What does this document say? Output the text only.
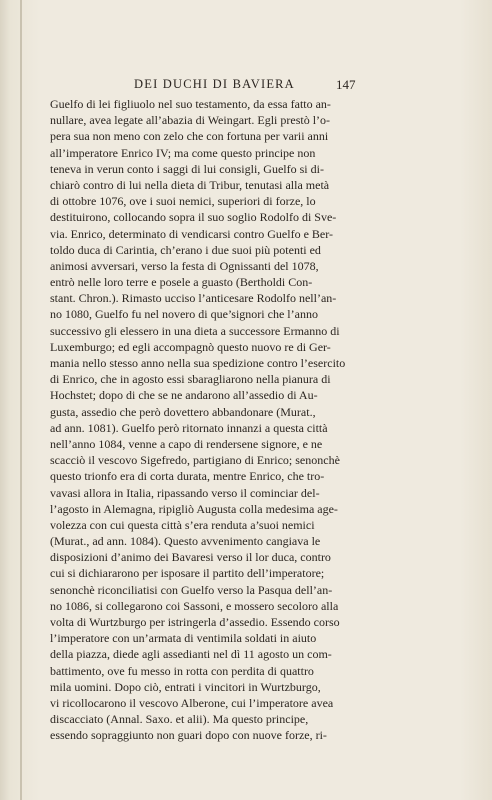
DEI DUCHI DI BAVIERA	147
Guelfo di lei figliuolo nel suo testamento, da essa fatto an-
nullare, avea legate all’abazia di Weingart. Egli prestò l’o-
pera sua non meno con zelo che con fortuna per varii anni
all’imperatore Enrico IV; ma come questo principe non
teneva in verun conto i saggi di lui consigli, Guelfo si di-
chiarò contro di lui nella dieta di Tribur, tenutasi alla metà
di ottobre 1076, ove i suoi nemici, superiori di forze, lo
destituirono, collocando sopra il suo soglio Rodolfo di Sve-
via. Enrico, determinato di vendicarsi contro Guelfo e Ber-
toldo duca di Carintia, ch’erano i due suoi più potenti ed
animosi avversari, verso la festa di Ognissanti del 1078,
entrò nelle loro terre e posele a guasto (Bertholdi Con-
stant. Chron.). Rimasto ucciso l’anticesare Rodolfo nell’an-
no 1080, Guelfo fu nel novero di que’signori che l’anno
successivo gli elessero in una dieta a successore Ermanno di
Luxemburgo; ed egli accompagnò questo nuovo re di Ger-
mania nello stesso anno nella sua spedizione contro l’esercito
di Enrico, che in agosto essi sbaragliarono nella pianura di
Hochstet; dopo di che se ne andarono all’assedio di Au-
gusta, assedio che però dovettero abbandonare (Murat.,
ad ann. 1081). Guelfo però ritornato innanzi a questa città
nell’anno 1084, venne a capo di rendersene signore, e ne
scacciò il vescovo Sigefredo, partigiano di Enrico; senonchè
questo trionfo era di corta durata, mentre Enrico, che tro-
vavasi allora in Italia, ripassando verso il cominciar del-
l’agosto in Alemagna, ripigliò Augusta colla medesima age-
volezza con cui questa città s’era renduta a’suoi nemici
(Murat., ad ann. 1084). Questo avvenimento cangiava le
disposizioni d’animo dei Bavaresi verso il lor duca, contro
cui si dichiararono per isposare il partito dell’imperatore;
senonchè riconciliatisi con Guelfo verso la Pasqua dell’an-
no 1086, si collegarono coi Sassoni, e mossero secoloro alla
volta di Wurtzburgo per istringerla d’assedio. Essendo corso
l’imperatore con un’armata di ventimila soldati in aiuto
della piazza, diede agli assedianti nel dì 11 agosto un com-
battimento, ove fu messo in rotta con perdita di quattro
mila uomini. Dopo ciò, entrati i vincitori in Wurtzburgo,
vi ricollocarono il vescovo Alberone, cui l’imperatore avea
discacciato (Annal. Saxo. et alii). Ma questo principe,
essendo sopraggiunto non guari dopo con nuove forze, ri-
